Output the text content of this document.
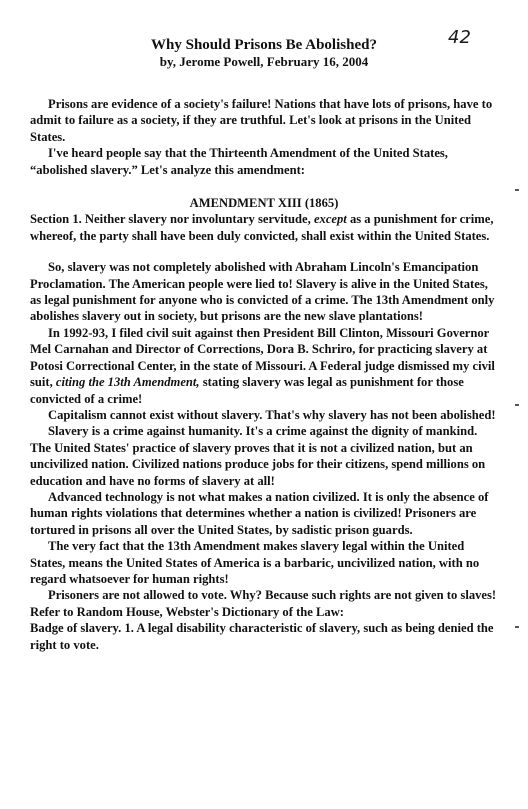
Why Should Prisons Be Abolished?
by, Jerome Powell, February 16, 2004
42

Prisons are evidence of a society's failure! Nations that have lots of prisons, have to admit to failure as a society, if they are truthful. Let's look at prisons in the United States.

I've heard people say that the Thirteenth Amendment of the United States, “abolished slavery.” Let's analyze this amendment:

AMENDMENT XIII (1865)

Section 1. Neither slavery nor involuntary servitude, except as a punishment for crime, whereof, the party shall have been duly convicted, shall exist within the United States.

So, slavery was not completely abolished with Abraham Lincoln's Emancipation Proclamation. The American people were lied to! Slavery is alive in the United States, as legal punishment for anyone who is convicted of a crime. The 13th Amendment only abolishes slavery out in society, but prisons are the new slave plantations!

In 1992-93, I filed civil suit against then President Bill Clinton, Missouri Governor Mel Carnahan and Director of Corrections, Dora B. Schriro, for practicing slavery at Potosi Correctional Center, in the state of Missouri. A Federal judge dismissed my civil suit, citing the 13th Amendment, stating slavery was legal as punishment for those convicted of a crime!

Capitalism cannot exist without slavery. That's why slavery has not been abolished!

Slavery is a crime against humanity. It's a crime against the dignity of mankind. The United States' practice of slavery proves that it is not a civilized nation, but an uncivilized nation. Civilized nations produce jobs for their citizens, spend millions on education and have no forms of slavery at all!

Advanced technology is not what makes a nation civilized. It is only the absence of human rights violations that determines whether a nation is civilized! Prisoners are tortured in prisons all over the United States, by sadistic prison guards.

The very fact that the 13th Amendment makes slavery legal within the United States, means the United States of America is a barbaric, uncivilized nation, with no regard whatsoever for human rights!

Prisoners are not allowed to vote. Why? Because such rights are not given to slaves! Refer to Random House, Webster's Dictionary of the Law:

Badge of slavery. 1. A legal disability characteristic of slavery, such as being denied the right to vote.
